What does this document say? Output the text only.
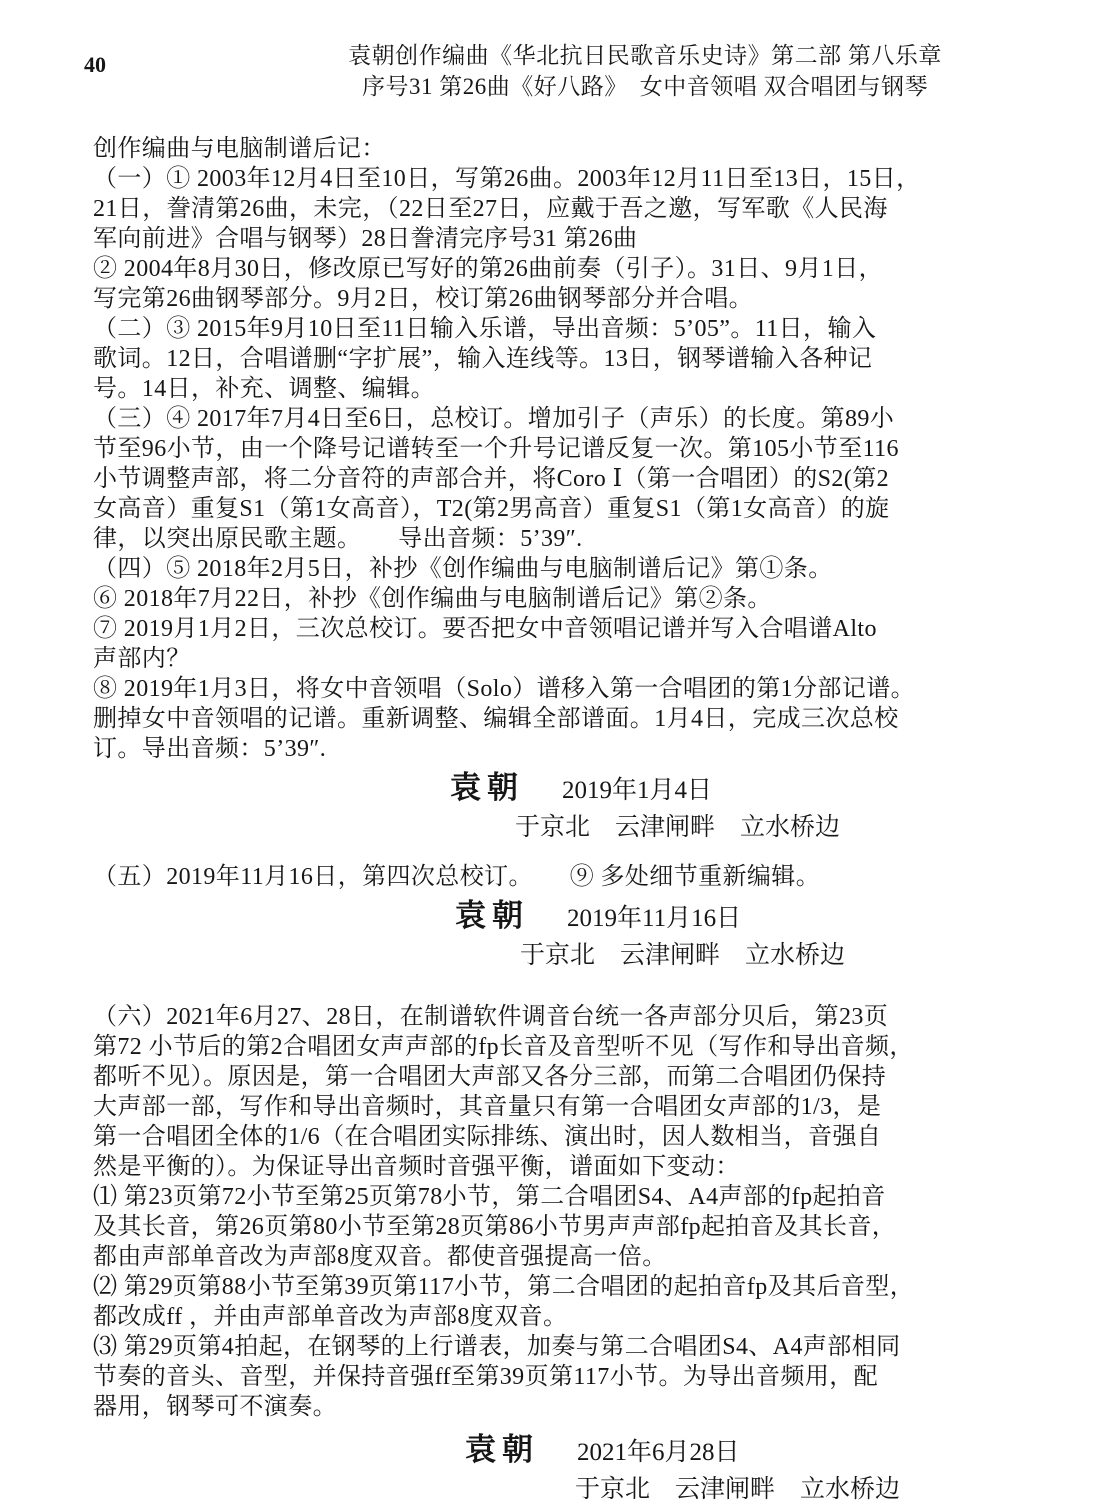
40	袁朝创作编曲《华北抗日民歌音乐史诗》第二部 第八乐章
序号31 第26曲《好八路》　女中音领唱 双合唱团与钢琴
创作编曲与电脑制谱后记：
（一）① 2003年12月4日至10日，写第26曲。2003年12月11日至13日，15日，
21日，誊清第26曲，未完，（22日至27日，应戴于吾之邀，写军歌《人民海
军向前进》合唱与钢琴）28日誊清完序号31 第26曲
② 2004年8月30日，修改原已写好的第26曲前奏（引子）。31日、9月1日，
写完第26曲钢琴部分。9月2日，校订第26曲钢琴部分并合唱。
（二）③ 2015年9月10日至11日输入乐谱，导出音频：5’05”。11日，输入
歌词。12日，合唱谱删“字扩展”，输入连线等。13日，钢琴谱输入各种记
号。14日，补充、调整、编辑。
（三）④ 2017年7月4日至6日，总校订。增加引子（声乐）的长度。第89小
节至96小节，由一个降号记谱转至一个升号记谱反复一次。第105小节至116
小节调整声部，将二分音符的声部合并，将Coro Ⅰ（第一合唱团）的S2(第2
女高音）重复S1（第1女高音），T2(第2男高音）重复S1（第1女高音）的旋
律，以突出原民歌主题。　　导出音频：5’39″.
（四）⑤ 2018年2月5日，补抄《创作编曲与电脑制谱后记》第①条。
⑥ 2018年7月22日，补抄《创作编曲与电脑制谱后记》第②条。
⑦ 2019月1月2日，三次总校订。要否把女中音领唱记谱并写入合唱谱Alto
声部内？
⑧ 2019年1月3日，将女中音领唱（Solo）谱移入第一合唱团的第1分部记谱。
删掉女中音领唱的记谱。重新调整、编辑全部谱面。1月4日，完成三次总校
订。导出音频：5’39″.
袁朝 2019年1月4日
于京北　云津闸畔　立水桥边
（五）2019年11月16日，第四次总校订。　　⑨ 多处细节重新编辑。
袁朝 2019年11月16日
于京北　云津闸畔　立水桥边
（六）2021年6月27、28日，在制谱软件调音台统一各声部分贝后，第23页
第72 小节后的第2合唱团女声声部的fp长音及音型听不见（写作和导出音频，
都听不见）。原因是，第一合唱团大声部又各分三部，而第二合唱团仍保持
大声部一部，写作和导出音频时，其音量只有第一合唱团女声部的1/3，是
第一合唱团全体的1/6（在合唱团实际排练、演出时，因人数相当，音强自
然是平衡的）。为保证导出音频时音强平衡，谱面如下变动：
⑴ 第23页第72小节至第25页第78小节，第二合唱团S4、A4声部的fp起拍音
及其长音，第26页第80小节至第28页第86小节男声声部fp起拍音及其长音，
都由声部单音改为声部8度双音。都使音强提高一倍。
⑵ 第29页第88小节至第39页第117小节，第二合唱团的起拍音fp及其后音型，
都改成ff ，并由声部单音改为声部8度双音。
⑶ 第29页第4拍起，在钢琴的上行谱表，加奏与第二合唱团S4、A4声部相同
节奏的音头、音型，并保持音强ff至第39页第117小节。为导出音频用，配
器用，钢琴可不演奏。
袁朝 2021年6月28日
于京北　云津闸畔　立水桥边
